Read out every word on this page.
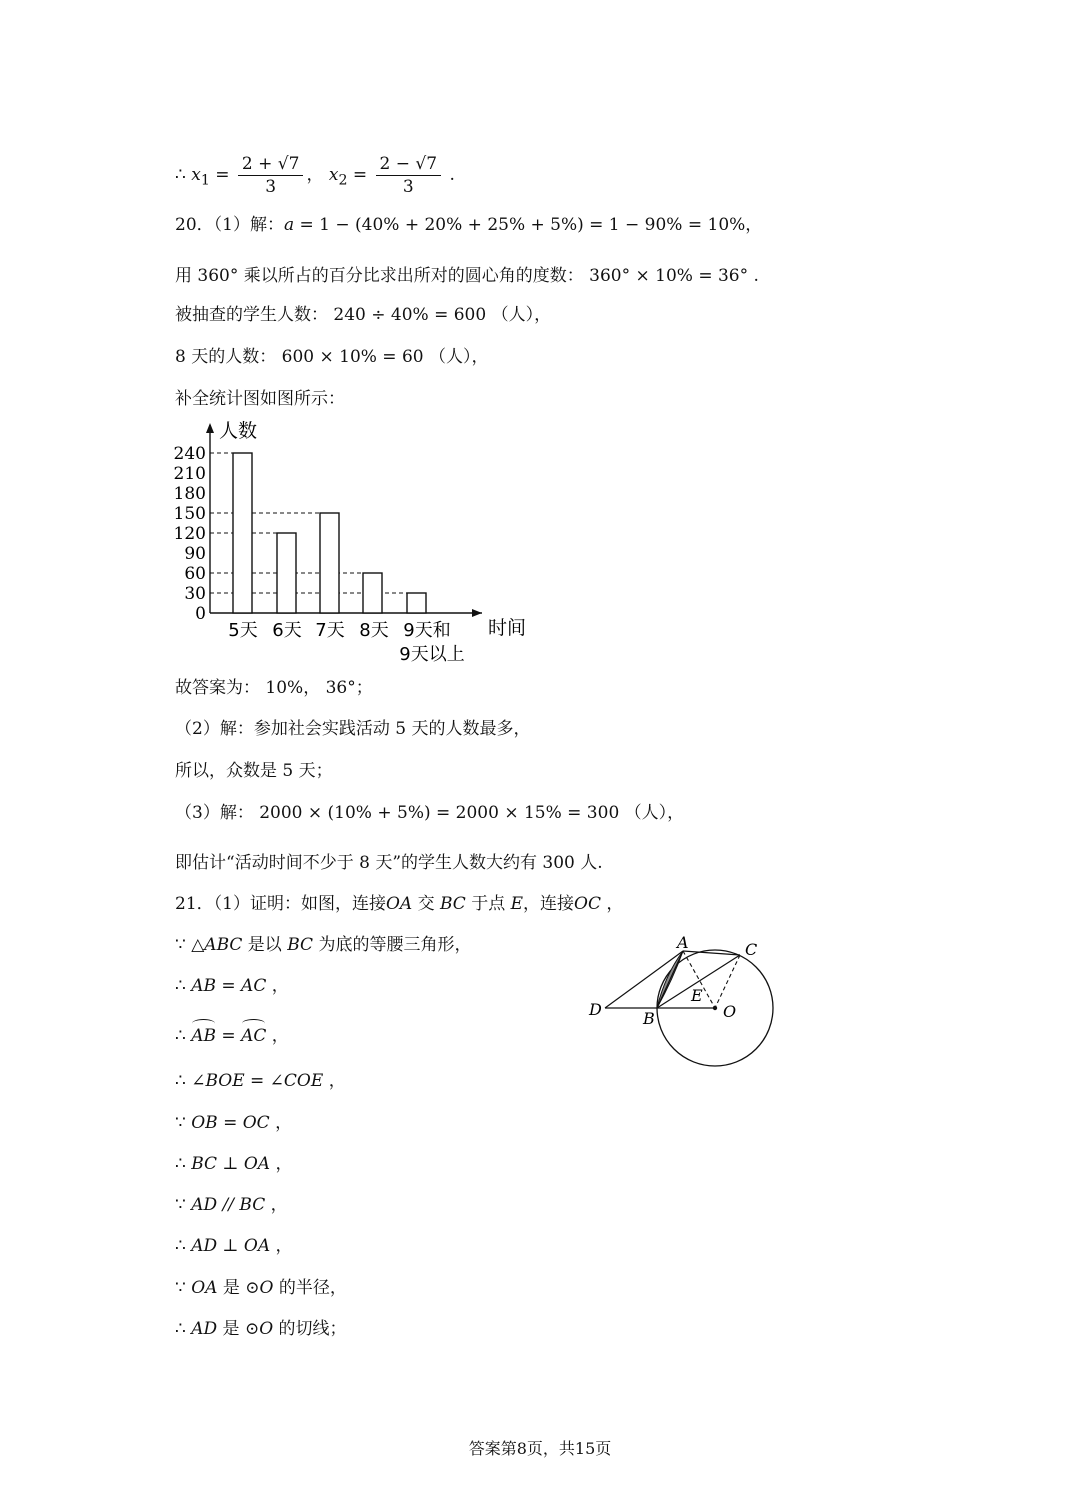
∴ $x_1 = \frac{2 + √7}{3}$ ， $x_2 = \frac{2 - √7}{3}$ .
20．（1）解：a = 1 − (40% + 20% + 25% + 5%) = 1 − 90% = 10%，
用 360° 乘以所占的百分比求出所对的圆心角的度数： 360° × 10% = 36° .
被抽查的学生人数： 240 ÷ 40% = 600 （人），
8 天的人数： 600 × 10% = 60 （人），
补全统计图如图所示：
人数
时间
0
30
60
90
120
150
180
210
240
5天 6天 7天 8天 9天和
9天以上
故答案为： 10%， 36°；
（2）解：参加社会实践活动 5 天的人数最多，
所以，众数是 5 天；
（3）解： 2000 × (10% + 5%) = 2000 × 15% = 300 （人），
即估计“活动时间不少于 8 天”的学生人数大约有 300 人.
21．（1）证明：如图，连接OA 交 BC 于点 E，连接OC ，
∵ △ABC 是以 BC 为底的等腰三角形，
∴ AB = AC ，
∴ AB = AC ，
∴ ∠BOE = ∠COE ，
∵ OB = OC ，
∴ BC ⊥ OA ，
∵ AD // BC ，
∴ AD ⊥ OA ，
∵ OA 是 ⊙O 的半径，
∴ AD 是 ⊙O 的切线；
A	C
D	B
E
O
答案第8页，共15页
